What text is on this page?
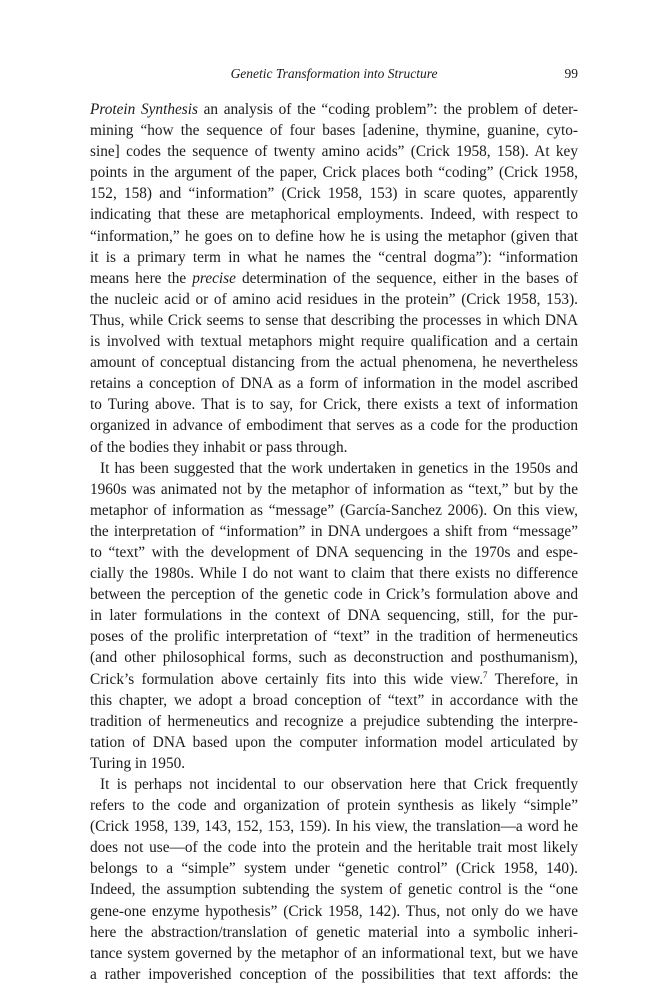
Genetic Transformation into Structure	99
Protein Synthesis an analysis of the “coding problem”: the problem of deter-
mining “how the sequence of four bases [adenine, thymine, guanine, cyto-
sine] codes the sequence of twenty amino acids” (Crick 1958, 158). At key
points in the argument of the paper, Crick places both “coding” (Crick 1958,
152, 158) and “information” (Crick 1958, 153) in scare quotes, apparently
indicating that these are metaphorical employments. Indeed, with respect to
“information,” he goes on to define how he is using the metaphor (given that
it is a primary term in what he names the “central dogma”): “information
means here the precise determination of the sequence, either in the bases of
the nucleic acid or of amino acid residues in the protein” (Crick 1958, 153).
Thus, while Crick seems to sense that describing the processes in which DNA
is involved with textual metaphors might require qualification and a certain
amount of conceptual distancing from the actual phenomena, he nevertheless
retains a conception of DNA as a form of information in the model ascribed
to Turing above. That is to say, for Crick, there exists a text of information
organized in advance of embodiment that serves as a code for the production
of the bodies they inhabit or pass through.
It has been suggested that the work undertaken in genetics in the 1950s and
1960s was animated not by the metaphor of information as “text,” but by the
metaphor of information as “message” (García-Sanchez 2006). On this view,
the interpretation of “information” in DNA undergoes a shift from “message”
to “text” with the development of DNA sequencing in the 1970s and espe-
cially the 1980s. While I do not want to claim that there exists no difference
between the perception of the genetic code in Crick’s formulation above and
in later formulations in the context of DNA sequencing, still, for the pur-
poses of the prolific interpretation of “text” in the tradition of hermeneutics
(and other philosophical forms, such as deconstruction and posthumanism),
Crick’s formulation above certainly fits into this wide view.$^7$ Therefore, in
this chapter, we adopt a broad conception of “text” in accordance with the
tradition of hermeneutics and recognize a prejudice subtending the interpre-
tation of DNA based upon the computer information model articulated by
Turing in 1950.
It is perhaps not incidental to our observation here that Crick frequently
refers to the code and organization of protein synthesis as likely “simple”
(Crick 1958, 139, 143, 152, 153, 159). In his view, the translation—a word he
does not use—of the code into the protein and the heritable trait most likely
belongs to a “simple” system under “genetic control” (Crick 1958, 140).
Indeed, the assumption subtending the system of genetic control is the “one
gene-one enzyme hypothesis” (Crick 1958, 142). Thus, not only do we have
here the abstraction/translation of genetic material into a symbolic inheri-
tance system governed by the metaphor of an informational text, but we have
a rather impoverished conception of the possibilities that text affords: the
